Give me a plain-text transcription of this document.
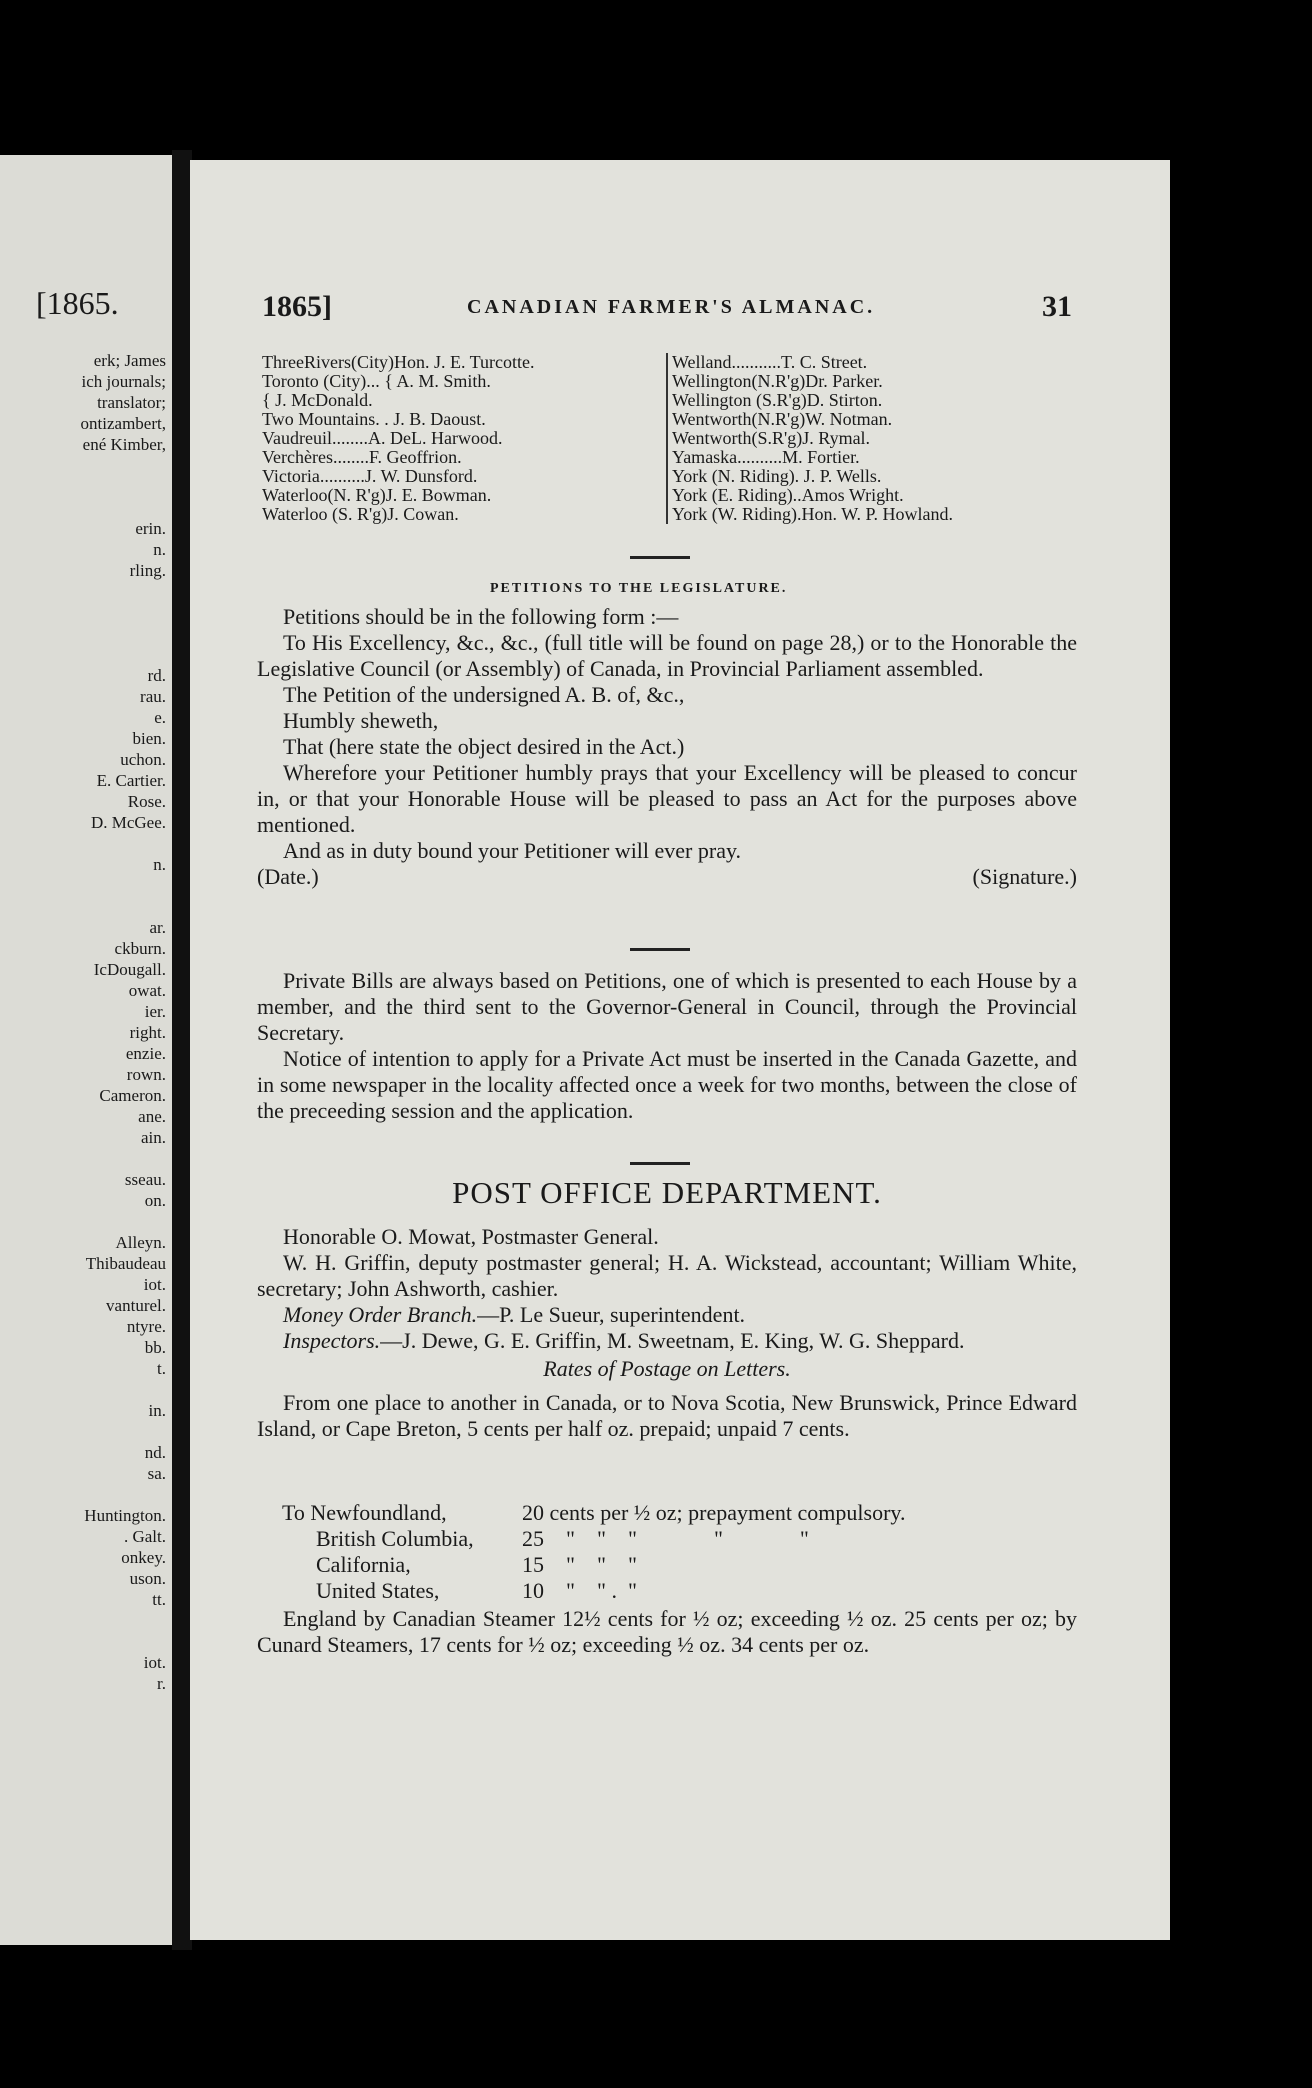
[1865.
erk; James
ich journals;
translator;
ontizambert,
ené Kimber,
erin.
n.
rling.
rd.
rau.
e.
bien.
uchon.
E. Cartier.
Rose.
D. McGee.
n.
ar.
ckburn.
IcDougall.
owat.
ier.
right.
enzie.
rown.
Cameron.
ane.
ain.
sseau.
on.
Alleyn.
Thibaudeau
iot.
vanturel.
ntyre.
bb.
t.
in.
nd.
sa.
Huntington.
. Galt.
onkey.
uson.
tt.
iot.
r.
1865]	CANADIAN FARMER'S ALMANAC.	31
ThreeRivers(City)Hon. J. E. Turcotte.
Toronto (City)... { A. M. Smith.
{ J. McDonald.
Two Mountains. . J. B. Daoust.
Vaudreuil........A. DeL. Harwood.
Verchères........F. Geoffrion.
Victoria..........J. W. Dunsford.
Waterloo(N. R'g)J. E. Bowman.
Waterloo (S. R'g)J. Cowan.
Welland...........T. C. Street.
Wellington(N.R'g)Dr. Parker.
Wellington (S.R'g)D. Stirton.
Wentworth(N.R'g)W. Notman.
Wentworth(S.R'g)J. Rymal.
Yamaska..........M. Fortier.
York (N. Riding). J. P. Wells.
York (E. Riding)..Amos Wright.
York (W. Riding).Hon. W. P. Howland.
PETITIONS TO THE LEGISLATURE.

Petitions should be in the following form :—

To His Excellency, &c., &c., (full title will be found on page 28,) or to the Honorable the Legislative Council (or Assembly) of Canada, in Provincial Parliament assembled.

The Petition of the undersigned A. B. of, &c.,

Humbly sheweth,

That (here state the object desired in the Act.)

Wherefore your Petitioner humbly prays that your Excellency will be pleased to concur in, or that your Honorable House will be pleased to pass an Act for the purposes above mentioned.

And as in duty bound your Petitioner will ever pray.

(Date.)	(Signature.)

Private Bills are always based on Petitions, one of which is presented to each House by a member, and the third sent to the Governor-General in Council, through the Provincial Secretary.

Notice of intention to apply for a Private Act must be inserted in the Canada Gazette, and in some newspaper in the locality affected once a week for two months, between the close of the preceeding session and the application.

POST OFFICE DEPARTMENT.

Honorable O. Mowat, Postmaster General.

W. H. Griffin, deputy postmaster general; H. A. Wickstead, accountant; William White, secretary; John Ashworth, cashier.

Money Order Branch.—P. Le Sueur, superintendent.

Inspectors.—J. Dewe, G. E. Griffin, M. Sweetnam, E. King, W. G. Sheppard.

Rates of Postage on Letters.

From one place to another in Canada, or to Nova Scotia, New Brunswick, Prince Edward Island, or Cape Breton, 5 cents per half oz. prepaid; unpaid 7 cents.

To Newfoundland,	20 cents per ½ oz; prepayment compulsory.
British Columbia, 25    "    "    "              "              "
California,	15    "    "    "
United States,	10    "    " .  "

England by Canadian Steamer 12½ cents for ½ oz; exceeding ½ oz. 25 cents per oz; by Cunard Steamers, 17 cents for ½ oz; exceeding ½ oz. 34 cents per oz.
